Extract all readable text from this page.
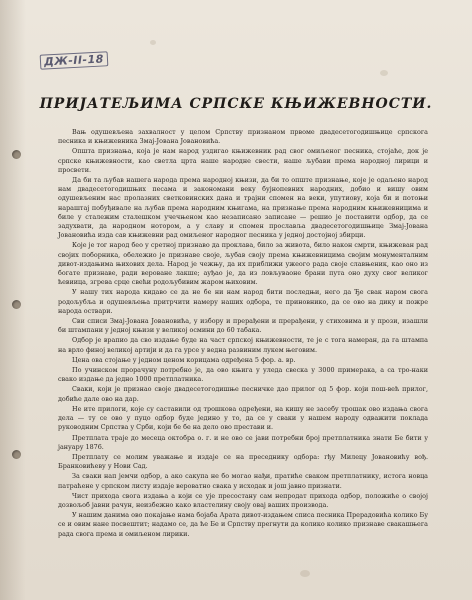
ДЖ-II-18
ПРИЈАТЕЉИМА СРПСКЕ КЊИЖЕВНОСТИ.

Вањ одушевљена захвалност у целом Српству признаном првоме двадесетогодишњице српскога песника и књижевника Змај-Јована Јовановића.

Општа признања, која је нам народ уздигао књижевник рад свог омиљеног песника, стојаће, док је српске књижевности, као светла црта наше народне свести, наше љубави према народној лирици и просвети.

Да би та љубав нашега народа према народној књизи, да би то опште признање, које је одаљено народ нам двадесетогодишњих песама и закономани веку бујнопевних народних, добио и вишу овим одушевљеним нас пролазних светковинских дана и трајни спомен на веки, упутиову, која би и потоњи нараштај побуђивале на љубав према народним књигама, на признање према народним књижевницима и биле у сталежим сталешком учечњеном као незаписано записане — решио је поставити одбор, да се задухвати, да народном нотором, а у славу и спомен прославља двадесетогодишњице Змај-Јована Јовановића изда сав књижевни рад омиљеног народног песника у једној достојној збирци.

Које је тог народ бео у сретној признаво да проклава, било за живота, било након смрти, књижеван рад својих поборника, обележио је признаве своје, љубав своју према књижевницима својим монументалним дивот-издањима њихових дела. Народ је чежњу, да их приближи ужеого рада своје славњеник, као оно из богате признаве, ради вероване лакше; ауђао је, да из ловљуваоне брани пута оно духу свог великог ћевиица, згрева срце свећи родољубивим жаром њиховим.

У нашу тих народа кидаво се да не бе ни нам народ бити последњи, него да Ђе свак наром свога родољубља и одушевљења притрчити намеру наших одбора, те приновнико, да се ово на дику и пожре народа оствари.

Сви списи Змај-Јована Јовановића, у избору и прерађени и прерађени, у стиховима и у прози, изашли би штампани у једној књизи у великој осмини до 60 табака.

Одбор је врапио да сво издање буде на част српској књижевности, те је с тога намеран, да га штампа на врло финој великој артији и да га урсе у ведна развиним лукем његовим.

Цена ова стојање у једном ценом корицама одређена 5 фор. а. вр.

По учинском прорачуну потребно је, да ово књига у уледа свеска у 3000 примерака, а са тро-наки свако издање да једно 1000 претплатника.

Сваки, који је признао своје двадесетогодишње песничке дао прилог од 5 фор. који пош-већ прилог, добиће дале ово на дар.

Не ите прилоги, које су саставили од трошкова одређени, на кишу не засебу трошак ово издања свога дела — ту се ово у пуцо одбор буде једино у то, да се у сваки у нашем народу одважити поклада руководним Српства у Срби, који бе бе на дело ово престави и.

Претплата траје до месеца октобра о. г. и не ово се јави потребни број претплатника знати Бе бити у јануару 1876.

Претплату се молим уважање и издаје се на преседнику одбора: гђу Милецу Јовановићу вођ. Бранковићеву у Нови Сад.

За сваки нап јемчи одбор, а ако сакупа не бо могао нађи, пратиће сваком претплатнику, истога новца патраћене у српском листу издаје вероватно свака у исходак и још јавно признати.

Чист прихода свога издања а који се ује пресостану сам непродат прихода одбор, положиће о својој дозвољоб јавни рачун, неизбежно како властелину своју овај ваших производа.

У нашим данима ово покајање нама бојаба Арата дивот-издањем списа песника Прерадовића колико Бу се и овим нане посвештит; надамо се, да ће Бе и Српству прегнути да колико колико признаве свакашњега рада свога према и омиљеном лирики.
